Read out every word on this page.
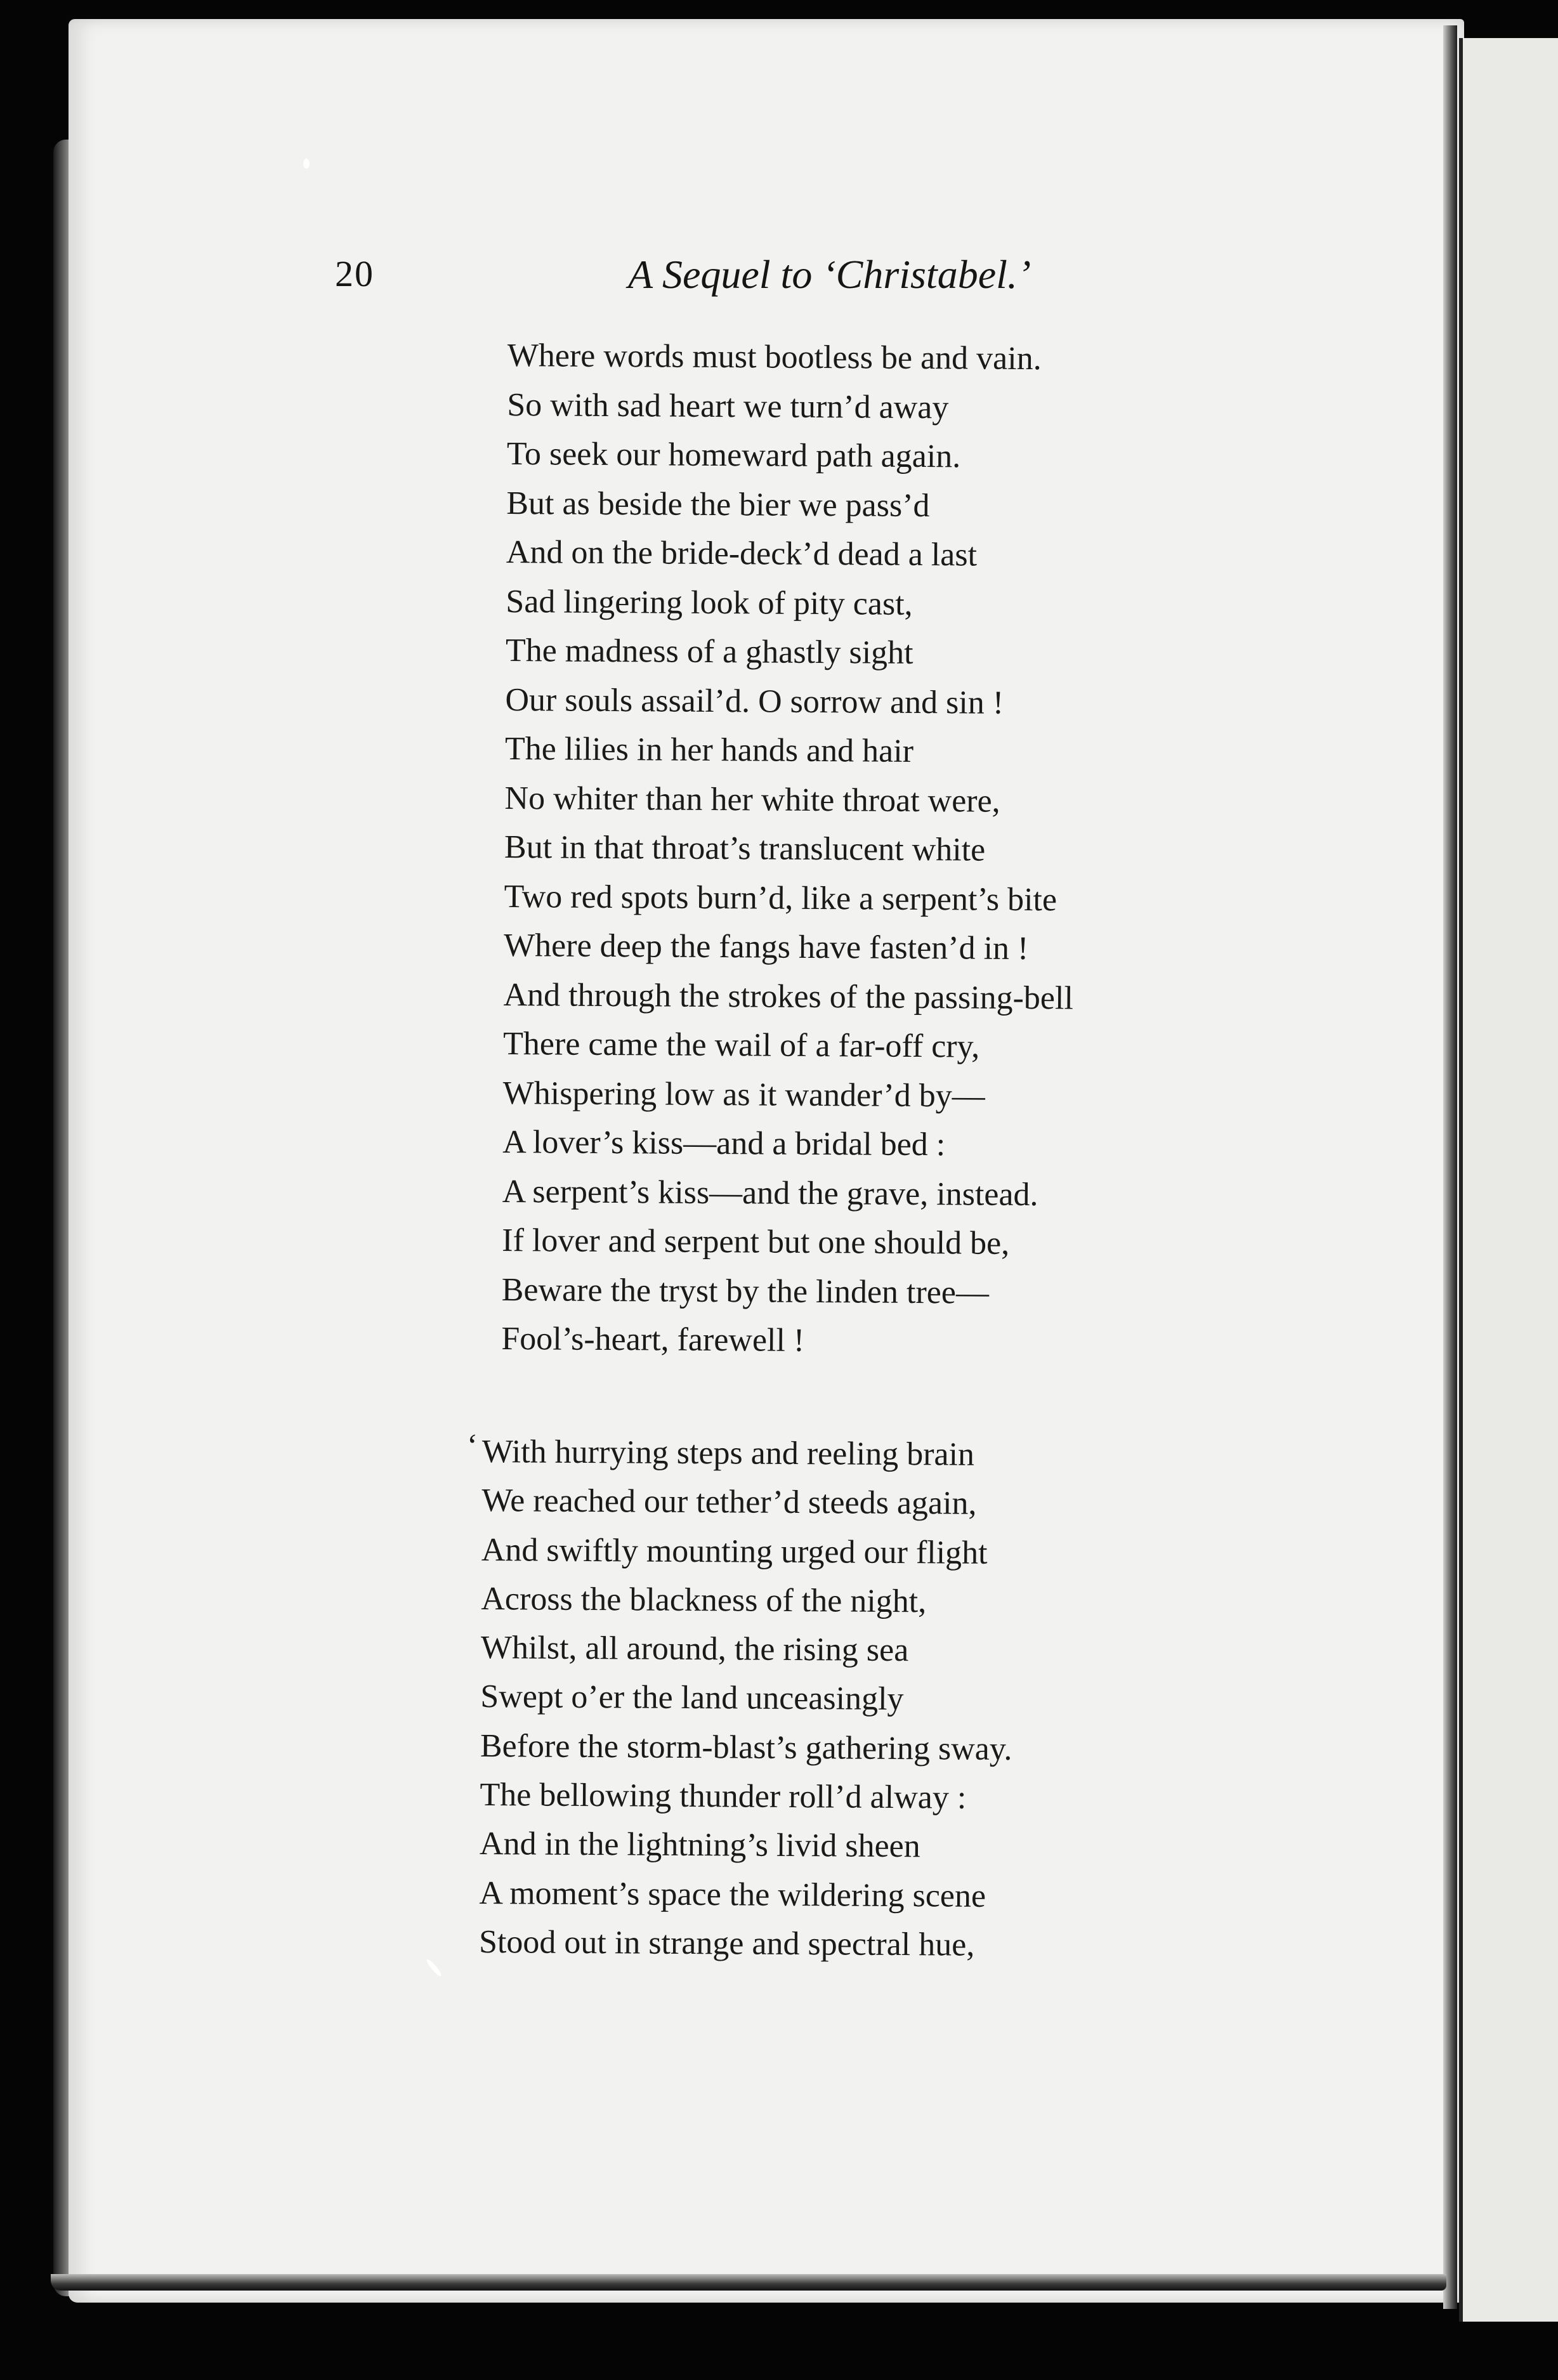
20	A Sequel to ‘Christabel.’
Where words must bootless be and vain.
So with sad heart we turn’d away
To seek our homeward path again.
But as beside the bier we pass’d
And on the bride-deck’d dead a last
Sad lingering look of pity cast,
The madness of a ghastly sight
Our souls assail’d. O sorrow and sin !
The lilies in her hands and hair
No whiter than her white throat were,
But in that throat’s translucent white
Two red spots burn’d, like a serpent’s bite
Where deep the fangs have fasten’d in !
And through the strokes of the passing-bell
There came the wail of a far-off cry,
Whispering low as it wander’d by—
A lover’s kiss—and a bridal bed :
A serpent’s kiss—and the grave, instead.
If lover and serpent but one should be,
Beware the tryst by the linden tree—
Fool’s-heart, farewell !
‘ With hurrying steps and reeling brain
We reached our tether’d steeds again,
And swiftly mounting urged our flight
Across the blackness of the night,
Whilst, all around, the rising sea
Swept o’er the land unceasingly
Before the storm-blast’s gathering sway.
The bellowing thunder roll’d alway :
And in the lightning’s livid sheen
A moment’s space the wildering scene
Stood out in strange and spectral hue,
